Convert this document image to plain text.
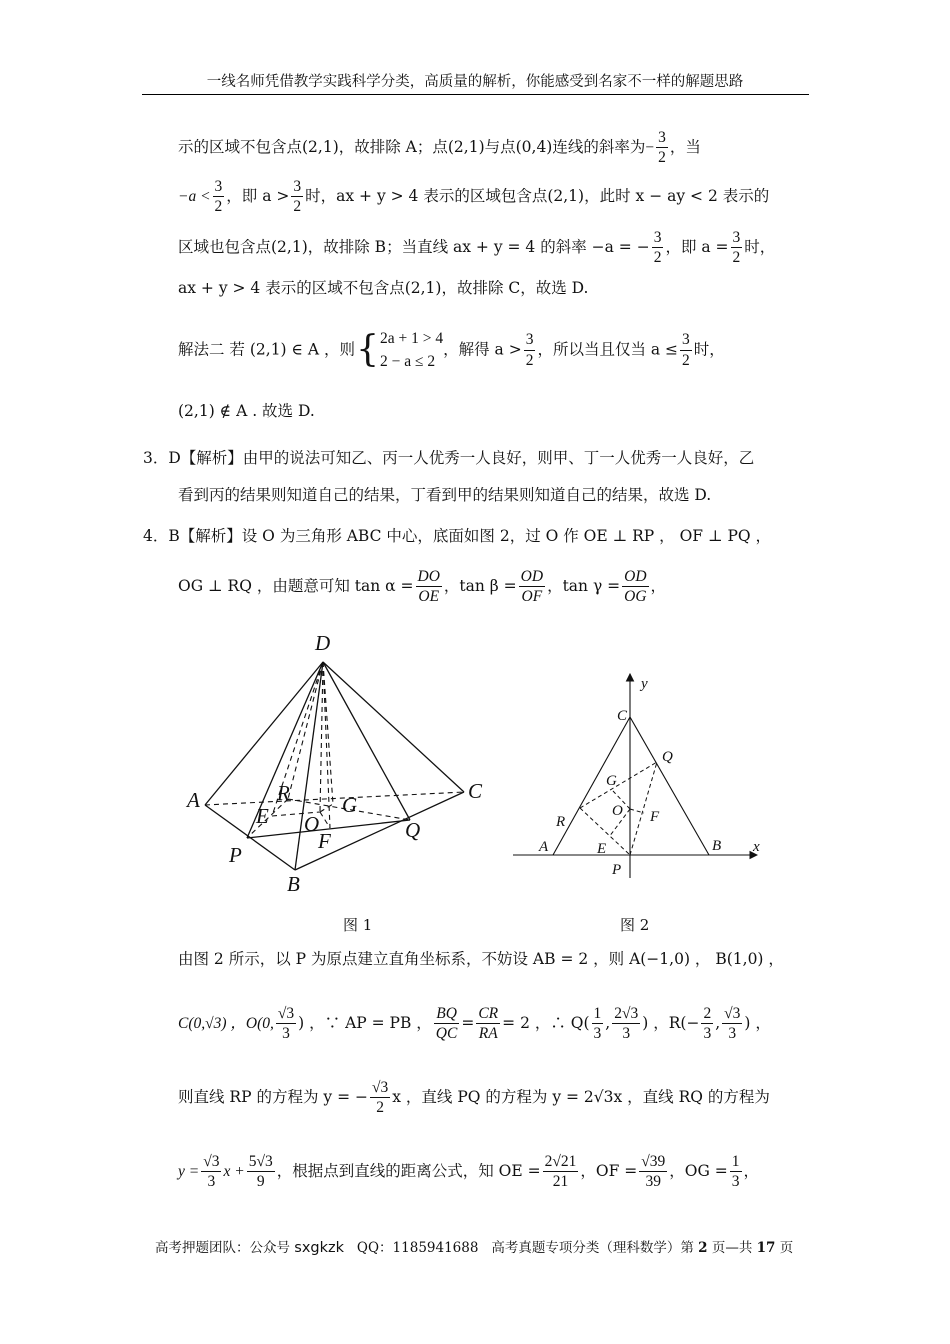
一线名师凭借教学实践科学分类，高质量的解析，你能感受到名家不一样的解题思路
示的区域不包含点(2,1)，故排除 A；点(2,1)与点(0,4)连线的斜率为− $\frac{3}{2}$ ，当
$-a < \frac{3}{2}$ ，即 $a > \frac{3}{2}$ 时，ax + y > 4 表示的区域包含点(2,1)，此时 x − ay < 2 表示的
区域也包含点(2,1)，故排除 B；当直线 ax + y = 4 的斜率 −a = − $\frac{3}{2}$ ，即 $a = \frac{3}{2}$ 时，
ax + y > 4 表示的区域不包含点(2,1)，故排除 C，故选 D.
解法二 若 (2,1) ∈ A ，则{ 2a + 1 > 4
2 − a ≤ 2
，解得 $a > \frac{3}{2}$ ，所以当且仅当 $a \le \frac{3}{2}$ 时，
(2,1) ∉ A . 故选 D.
3．D【解析】由甲的说法可知乙、丙一人优秀一人良好，则甲、丁一人优秀一人良好，乙
看到丙的结果则知道自己的结果，丁看到甲的结果则知道自己的结果，故选 D.
4．B【解析】设 O 为三角形 ABC 中心，底面如图 2，过 O 作 OE ⊥ RP ， OF ⊥ PQ ，
OG ⊥ RQ ，由题意可知 $\tan \alpha = \frac{DO}{OE}$ ，$\tan \beta = \frac{OD}{OF}$ ，$\tan \gamma = \frac{OD}{OG}$ ，
D
A
B
C
P
Q
R
E
F
G
O
图 1
y
x
C
Q
G
O F
R
A	E	B
P
图 2
由图 2 所示，以 P 为原点建立直角坐标系，不妨设 AB = 2 ，则 A(−1,0) ， B(1,0) ，
C(0,√3) ，O(0, $\frac{√3}{3}$ ) ，∵ AP = PB ， $\frac{BQ}{QC} = \frac{CR}{RA} = 2$ ，∴ $Q( \frac{1}{3}$ , $\frac{2√3}{3}$ ) ，$R(- \frac{2}{3}$ , $\frac{√3}{3}$ ) ，
则直线 RP 的方程为 y = − $\frac{√3}{2}$ x ，直线 PQ 的方程为 y = 2√3x ，直线 RQ 的方程为
$y = \frac{√3}{3}$ $x + \frac{5√3}{9}$ ，根据点到直线的距离公式，知 OE = $\frac{2√21}{21}$ ，OF = $\frac{√39}{39}$ ，OG = $\frac{1}{3}$ ，
高考押题团队：公众号 sxgkzk QQ：1185941688 高考真题专项分类（理科数学）第 2 页—共 17 页
